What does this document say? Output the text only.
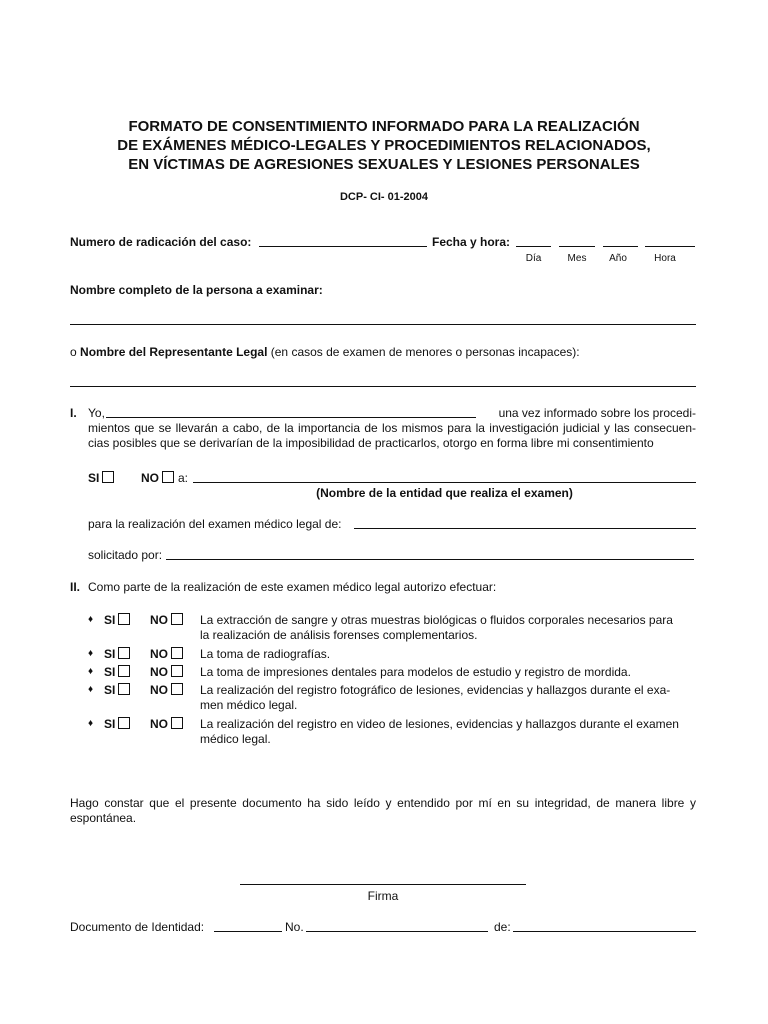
FORMATO DE CONSENTIMIENTO INFORMADO PARA LA REALIZACIÓN
DE EXÁMENES MÉDICO-LEGALES Y PROCEDIMIENTOS RELACIONADOS,
EN VÍCTIMAS DE AGRESIONES SEXUALES Y LESIONES PERSONALES
DCP- CI- 01-2004
Numero de radicación del caso:	Fecha y hora:
Día	Mes	Año	Hora
Nombre completo de la persona a examinar:
o Nombre del Representante Legal (en casos de examen de menores o personas incapaces):
I. Yo,	una vez informado sobre los procedi-
mientos que se llevarán a cabo, de la importancia de los mismos para la investigación judicial y las consecuen-
cias posibles que se derivarían de la imposibilidad de practicarlos, otorgo en forma libre mi consentimiento
SI	NO	a:
(Nombre de la entidad que realiza el examen)
para la realización del examen médico legal de:
solicitado por:
II. Como parte de la realización de este examen médico legal autorizo efectuar:
♦ SI	NO	La extracción de sangre y otras muestras biológicas o fluidos corporales necesarios para
la realización de análisis forenses complementarios.
♦ SI	NO	La toma de radiografías.
♦ SI	NO	La toma de impresiones dentales para modelos de estudio y registro de mordida.
♦ SI	NO	La realización del registro fotográfico de lesiones, evidencias y hallazgos durante el exa-
men médico legal.
♦ SI	NO	La realización del registro en video de lesiones, evidencias y hallazgos durante el examen
médico legal.
Hago constar que el presente documento ha sido leído y entendido por mí en su integridad, de manera libre y
espontánea.
Firma
Documento de Identidad:	No.	de:
